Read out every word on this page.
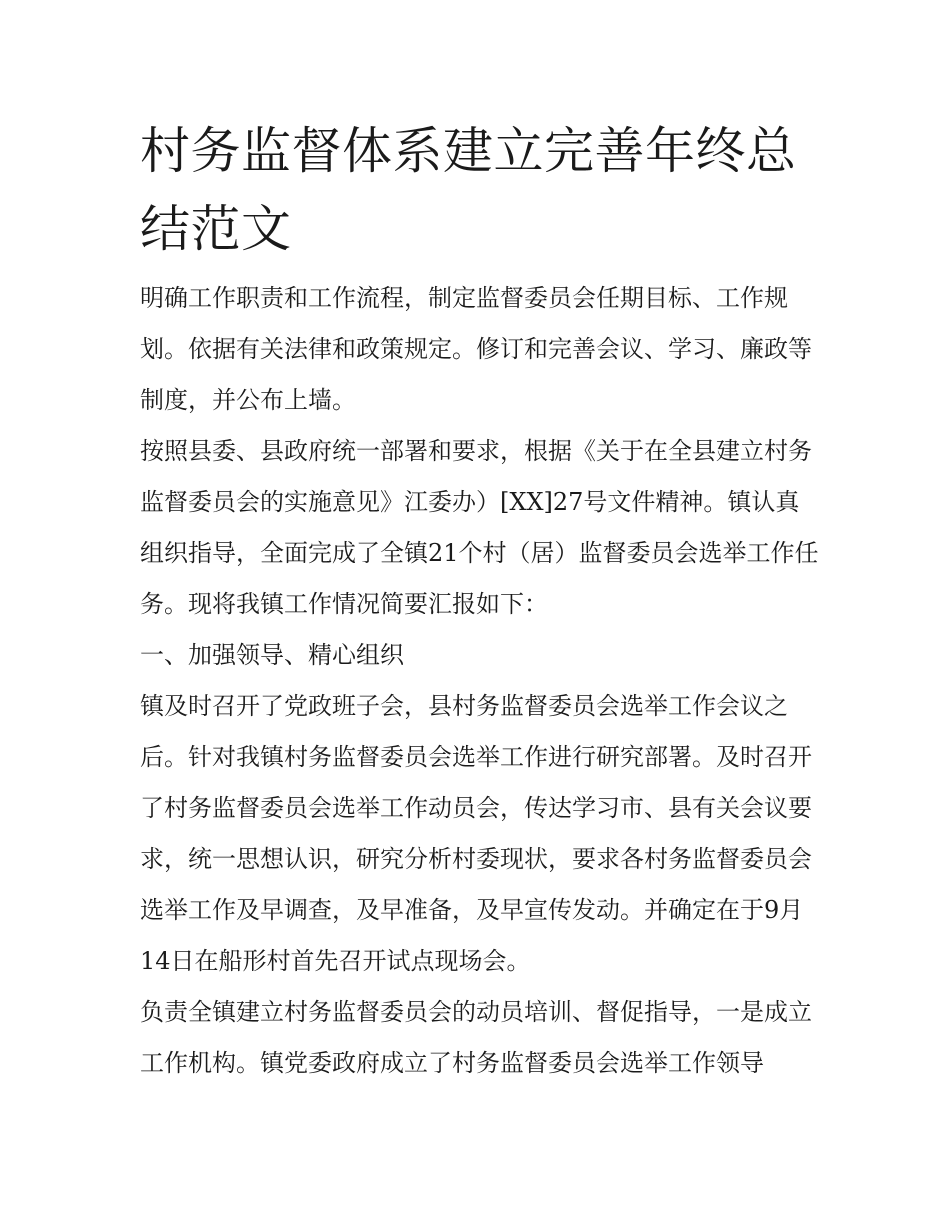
村务监督体系建立完善年终总结范文

明确工作职责和工作流程，制定监督委员会任期目标、工作规划。依据有关法律和政策规定。修订和完善会议、学习、廉政等制度，并公布上墙。

按照县委、县政府统一部署和要求，根据《关于在全县建立村务监督委员会的实施意见》江委办）[XX]27号文件精神。镇认真组织指导，全面完成了全镇21个村（居）监督委员会选举工作任务。现将我镇工作情况简要汇报如下：

一、加强领导、精心组织

镇及时召开了党政班子会，县村务监督委员会选举工作会议之后。针对我镇村务监督委员会选举工作进行研究部署。及时召开了村务监督委员会选举工作动员会，传达学习市、县有关会议要求，统一思想认识，研究分析村委现状，要求各村务监督委员会选举工作及早调查，及早准备，及早宣传发动。并确定在于9月14日在船形村首先召开试点现场会。

负责全镇建立村务监督委员会的动员培训、督促指导，一是成立工作机构。镇党委政府成立了村务监督委员会选举工作领导
